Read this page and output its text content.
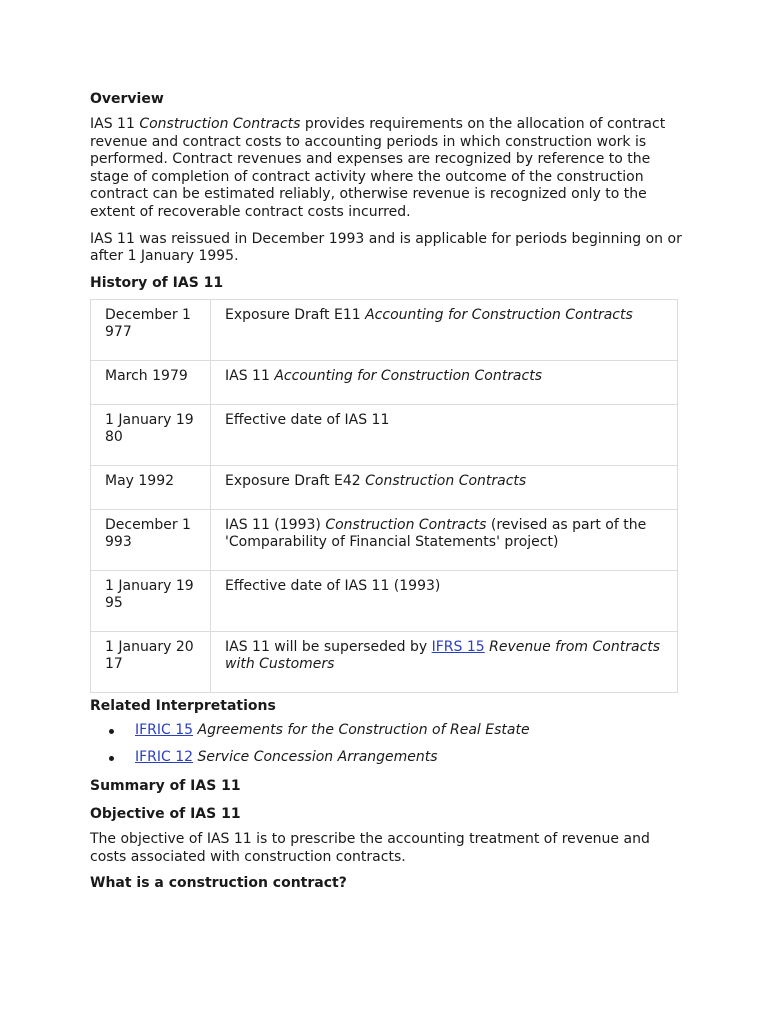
Overview

IAS 11 Construction Contracts provides requirements on the allocation of contract revenue and contract costs to accounting periods in which construction work is performed. Contract revenues and expenses are recognized by reference to the stage of completion of contract activity where the outcome of the construction contract can be estimated reliably, otherwise revenue is recognized only to the extent of recoverable contract costs incurred.

IAS 11 was reissued in December 1993 and is applicable for periods beginning on or after 1 January 1995.

History of IAS 11
December 1977	Exposure Draft E11 Accounting for Construction Contracts
March 1979	IAS 11 Accounting for Construction Contracts
1 January 1980	Effective date of IAS 11
May 1992	Exposure Draft E42 Construction Contracts
December 1993	IAS 11 (1993) Construction Contracts (revised as part of the 'Comparability of Financial Statements' project)
1 January 1995	Effective date of IAS 11 (1993)
1 January 2017	IAS 11 will be superseded by IFRS 15 Revenue from Contracts with Customers
Related Interpretations
IFRIC 15 Agreements for the Construction of Real Estate
IFRIC 12 Service Concession Arrangements
Summary of IAS 11
Objective of IAS 11

The objective of IAS 11 is to prescribe the accounting treatment of revenue and costs associated with construction contracts.

What is a construction contract?
